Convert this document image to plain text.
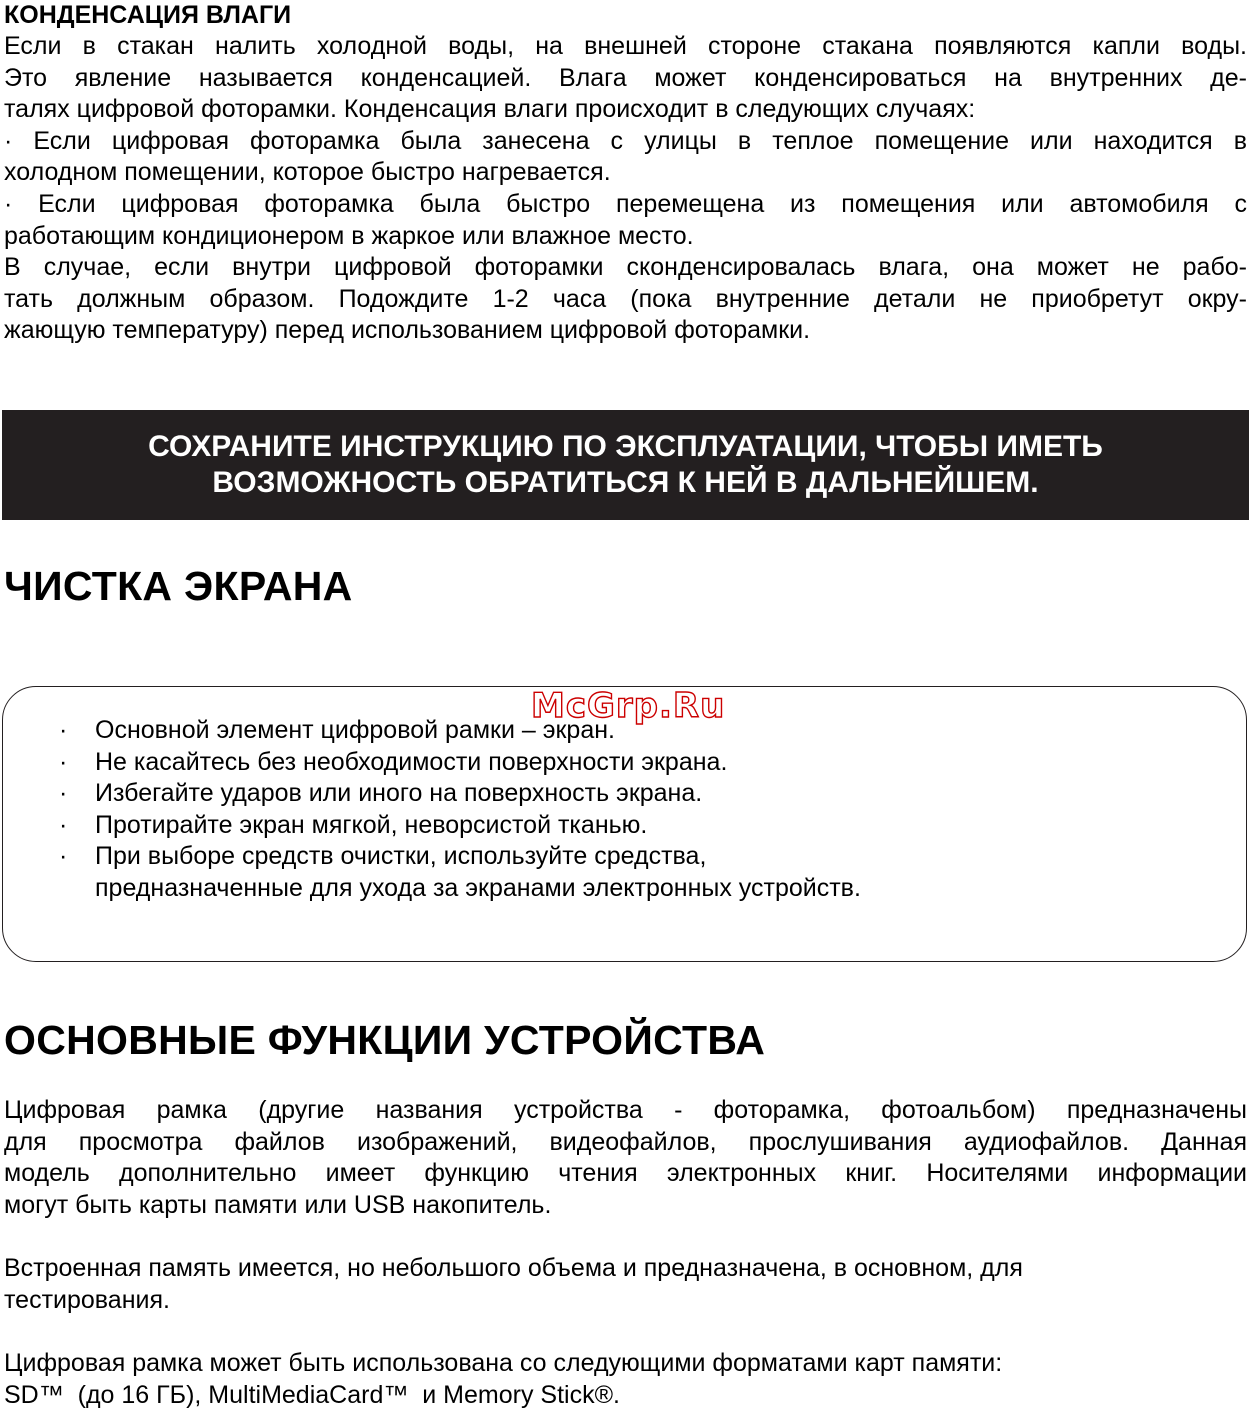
КОНДЕНСАЦИЯ ВЛАГИ
Если в стакан налить холодной воды, на внешней стороне стакана появляются капли воды.
Это явление называется конденсацией. Влага может конденсироваться на внутренних де-
талях цифровой фоторамки. Конденсация влаги происходит в следующих случаях:
· Если цифровая фоторамка была занесена с улицы в теплое помещение или находится в
холодном помещении, которое быстро нагревается.
· Если цифровая фоторамка была быстро перемещена из помещения или автомобиля с
работающим кондиционером в жаркое или влажное место.
В случае, если внутри цифровой фоторамки сконденсировалась влага, она может не рабо-
тать должным образом. Подождите 1-2 часа (пока внутренние детали не приобретут окру-
жающую температуру) перед использованием цифровой фоторамки.
СОХРАНИТЕ ИНСТРУКЦИЮ ПО ЭКСПЛУАТАЦИИ, ЧТОБЫ ИМЕТЬ
ВОЗМОЖНОСТЬ ОБРАТИТЬСЯ К НЕЙ В ДАЛЬНЕЙШЕМ.
ЧИСТКА ЭКРАНА
· Основной элемент цифровой рамки – экран.
· Не касайтесь без необходимости поверхности экрана.
· Избегайте ударов или иного на поверхность экрана.
· Протирайте экран мягкой, неворсистой тканью.
· При выборе средств очистки, используйте средства,
предназначенные для ухода за экранами электронных устройств.
McGrp.Ru
ОСНОВНЫЕ ФУНКЦИИ УСТРОЙСТВА
Цифровая рамка (другие названия устройства - фоторамка, фотоальбом) предназначены
для просмотра файлов изображений, видеофайлов, прослушивания аудиофайлов. Данная
модель дополнительно имеет функцию чтения электронных книг. Носителями информации
могут быть карты памяти или USB накопитель.
Встроенная память имеется, но небольшого объема и предназначена, в основном, для
тестирования.
Цифровая рамка может быть использована со следующими форматами карт памяти:
SD™  (до 16 ГБ), MultiMediaCard™  и Memory Stick®.
